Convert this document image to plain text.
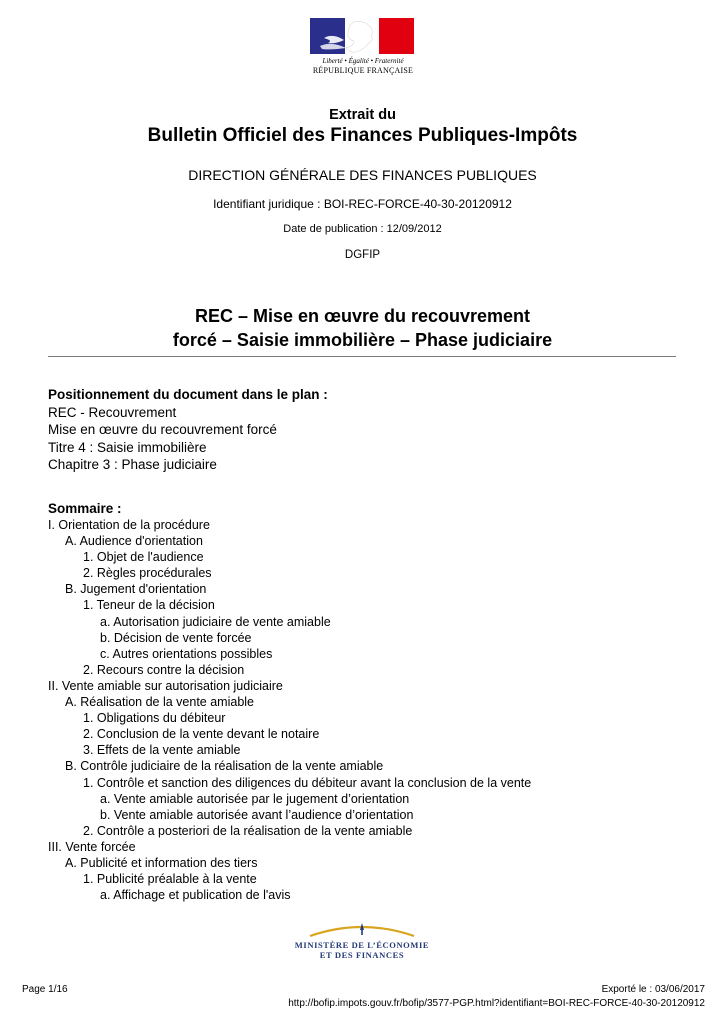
Liberté • Égalité • Fraternité
RÉPUBLIQUE FRANÇAISE
Extrait du
Bulletin Officiel des Finances Publiques-Impôts
DIRECTION GÉNÉRALE DES FINANCES PUBLIQUES
Identifiant juridique : BOI-REC-FORCE-40-30-20120912
Date de publication : 12/09/2012
DGFIP
REC – Mise en œuvre du recouvrement
forcé – Saisie immobilière – Phase judiciaire
Positionnement du document dans le plan :
REC - Recouvrement
Mise en œuvre du recouvrement forcé
Titre 4 : Saisie immobilière
Chapitre 3 : Phase judiciaire
Sommaire :
I. Orientation de la procédure
A. Audience d'orientation
1. Objet de l'audience
2. Règles procédurales
B. Jugement d'orientation
1. Teneur de la décision
a. Autorisation judiciaire de vente amiable
b. Décision de vente forcée
c. Autres orientations possibles
2. Recours contre la décision
II. Vente amiable sur autorisation judiciaire
A. Réalisation de la vente amiable
1. Obligations du débiteur
2. Conclusion de la vente devant le notaire
3. Effets de la vente amiable
B. Contrôle judiciaire de la réalisation de la vente amiable
1. Contrôle et sanction des diligences du débiteur avant la conclusion de la vente
a. Vente amiable autorisée par le jugement d’orientation
b. Vente amiable autorisée avant l’audience d’orientation
2. Contrôle a posteriori de la réalisation de la vente amiable
III. Vente forcée
A. Publicité et information des tiers
1. Publicité préalable à la vente
a. Affichage et publication de l'avis
MINISTÈRE DE L’ÉCONOMIE
ET DES FINANCES
Page 1/16	Exporté le : 03/06/2017
http://bofip.impots.gouv.fr/bofip/3577-PGP.html?identifiant=BOI-REC-FORCE-40-30-20120912
